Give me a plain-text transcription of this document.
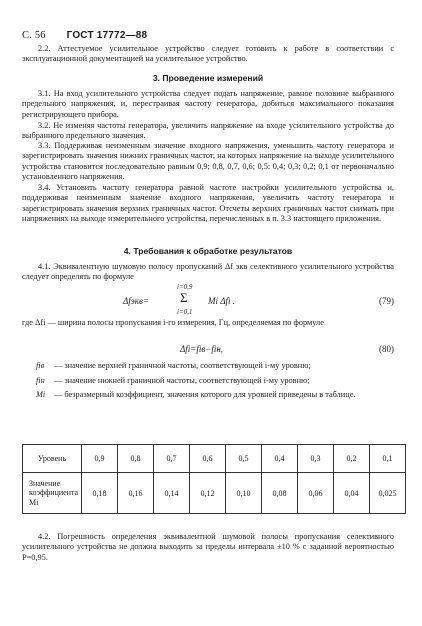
С. 56 ГОСТ 17772—88

2.2. Аттестуемое усилительное устройство следует готовить к работе в соответствии с эксплуатационной документацией на усилительное устройство.

3. Проведение измерений

3.1. На вход усилительного устройства следует подать напряжение, равное половине выбранного предельного напряжения, и, перестраивая частоту генератора, добиться максимального показания регистрирующего прибора.

3.2. Не изменяя частоты генератора, увеличить напряжение на входе усилительного устройства до выбранного предельного значения.

3.3. Поддерживая неизменным значение входного напряжения, уменьшить частоту генератора и зарегистрировать значения нижних граничных частот, на которых напряжение на выходе усилительного устройства становится последовательно равным 0,9; 0,8, 0,7, 0,6; 0,5: 0,4; 0,3; 0,2; 0,1 от первоначально установленного напряжения.

3.4. Установить частоту генератора равной частоте настройки усилительного устройства и, поддерживая неизменным значение входного напряжения, увеличить частоту генератора и зарегистрировать значения верхних граничных частот. Отсчеты верхних граничных частот снимать при напряжениях на выходе измерительного устройства, перечисленных в п. 3.3 настоящего приложения.

4. Требования к обработке результатов

4.1. Эквивалентную шумовую полосу пропусканий Δf экв селективного усилительного устройства следует определять по формуле

Δfэкв=
i=0,9
Σ
i=0,1
Mi Δfi .	(79)

где Δfi — ширина полосы пропускания i-го измерения, Гц, определяемая по формуле

Δfi=fiв−fiн,	(80)
fiв	— значение верхней граничной частоты, соответствующей i-му уровню;
fiн	— значение нижней граничной частоты, соответствующей i-му уровню;
Mi	— безразмерный коэффициент, значения которого для уровней приведены в таблице.
Уровень	0,9	0,8	0,7	0,6	0,5	0,4	0,3	0,2	0,1
Значение коэффициента Mi	0,18	0,16	0,14	0,12	0,10	0,08	0,06	0,04	0,025

4.2. Погрешность определения эквивалентной шумовой полосы пропускания селективного усилительного устройства не должна выходить за пределы интервала ±10 % с заданной вероятностью P=0,95.
